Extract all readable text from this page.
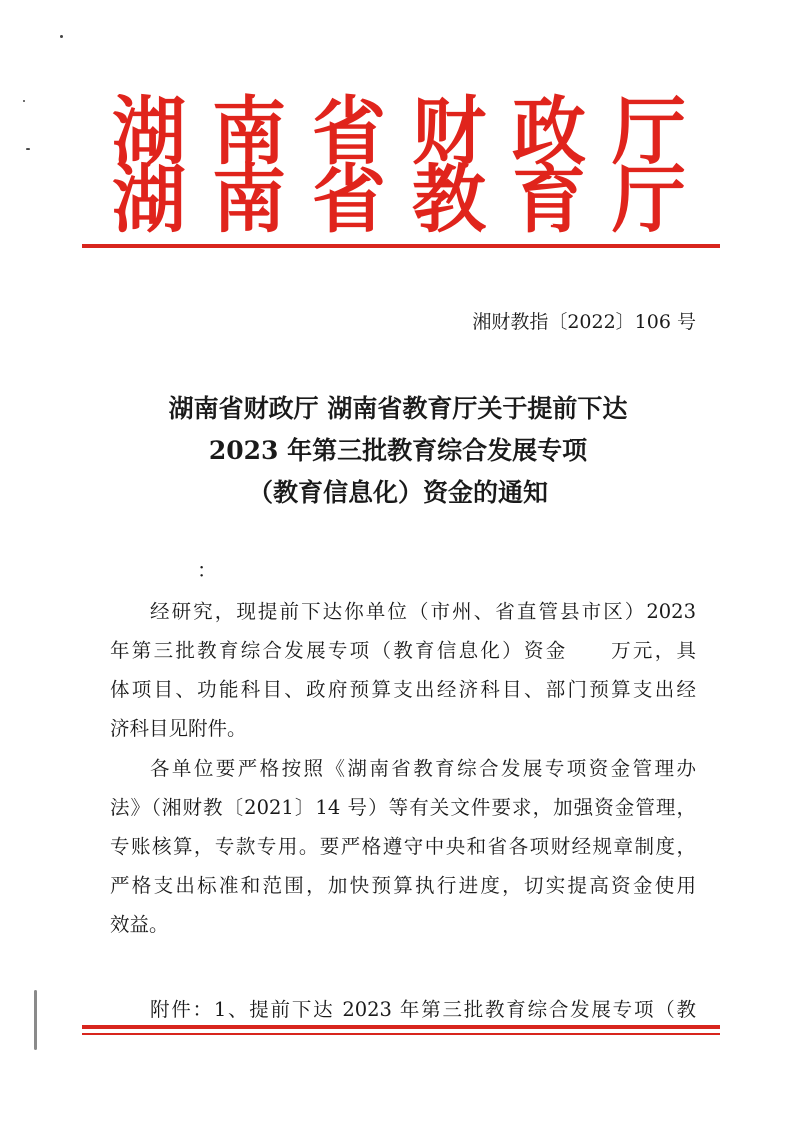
湖南省财政厅
湖南省教育厅
湘财教指〔2022〕106 号
湖南省财政厅 湖南省教育厅关于提前下达
2023 年第三批教育综合发展专项
（教育信息化）资金的通知
：
经研究，现提前下达你单位（市州、省直管县市区）2023
年第三批教育综合发展专项（教育信息化）资金　　万元，具
体项目、功能科目、政府预算支出经济科目、部门预算支出经
济科目见附件。
各单位要严格按照《湖南省教育综合发展专项资金管理办
法》（湘财教〔2021〕14 号）等有关文件要求，加强资金管理，
专账核算，专款专用。要严格遵守中央和省各项财经规章制度，
严格支出标准和范围，加快预算执行进度，切实提高资金使用
效益。
附件：1、提前下达 2023 年第三批教育综合发展专项（教
